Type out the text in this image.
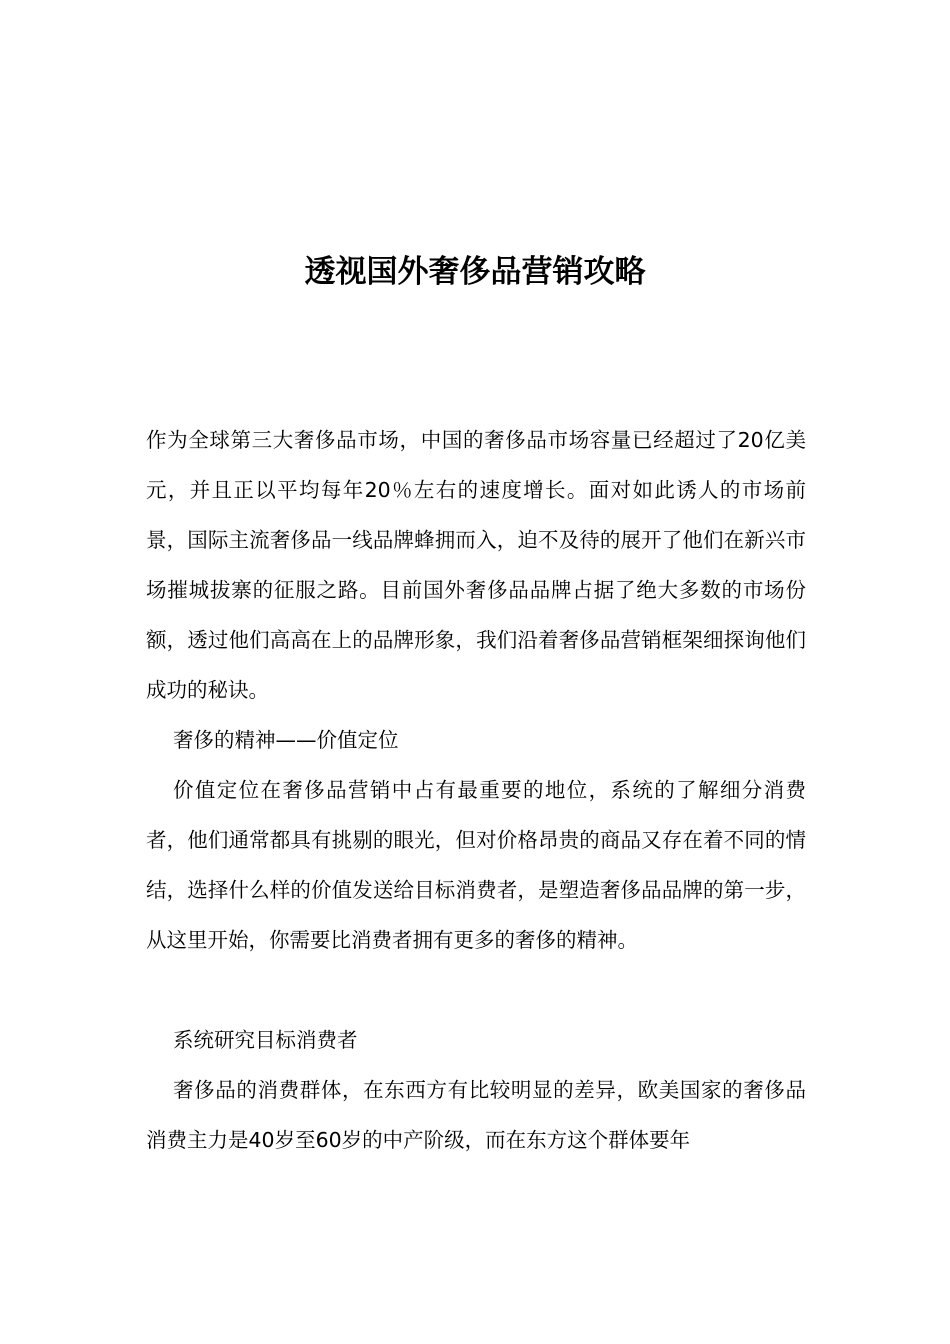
透视国外奢侈品营销攻略

作为全球第三大奢侈品市场，中国的奢侈品市场容量已经超过了20亿美元，并且正以平均每年20％左右的速度增长。面对如此诱人的市场前景，国际主流奢侈品一线品牌蜂拥而入，迫不及待的展开了他们在新兴市场摧城拔寨的征服之路。目前国外奢侈品品牌占据了绝大多数的市场份额，透过他们高高在上的品牌形象，我们沿着奢侈品营销框架细探询他们成功的秘诀。

奢侈的精神——价值定位

价值定位在奢侈品营销中占有最重要的地位，系统的了解细分消费者，他们通常都具有挑剔的眼光，但对价格昂贵的商品又存在着不同的情结，选择什么样的价值发送给目标消费者，是塑造奢侈品品牌的第一步，从这里开始，你需要比消费者拥有更多的奢侈的精神。

系统研究目标消费者

奢侈品的消费群体，在东西方有比较明显的差异，欧美国家的奢侈品消费主力是40岁至60岁的中产阶级，而在东方这个群体要年
